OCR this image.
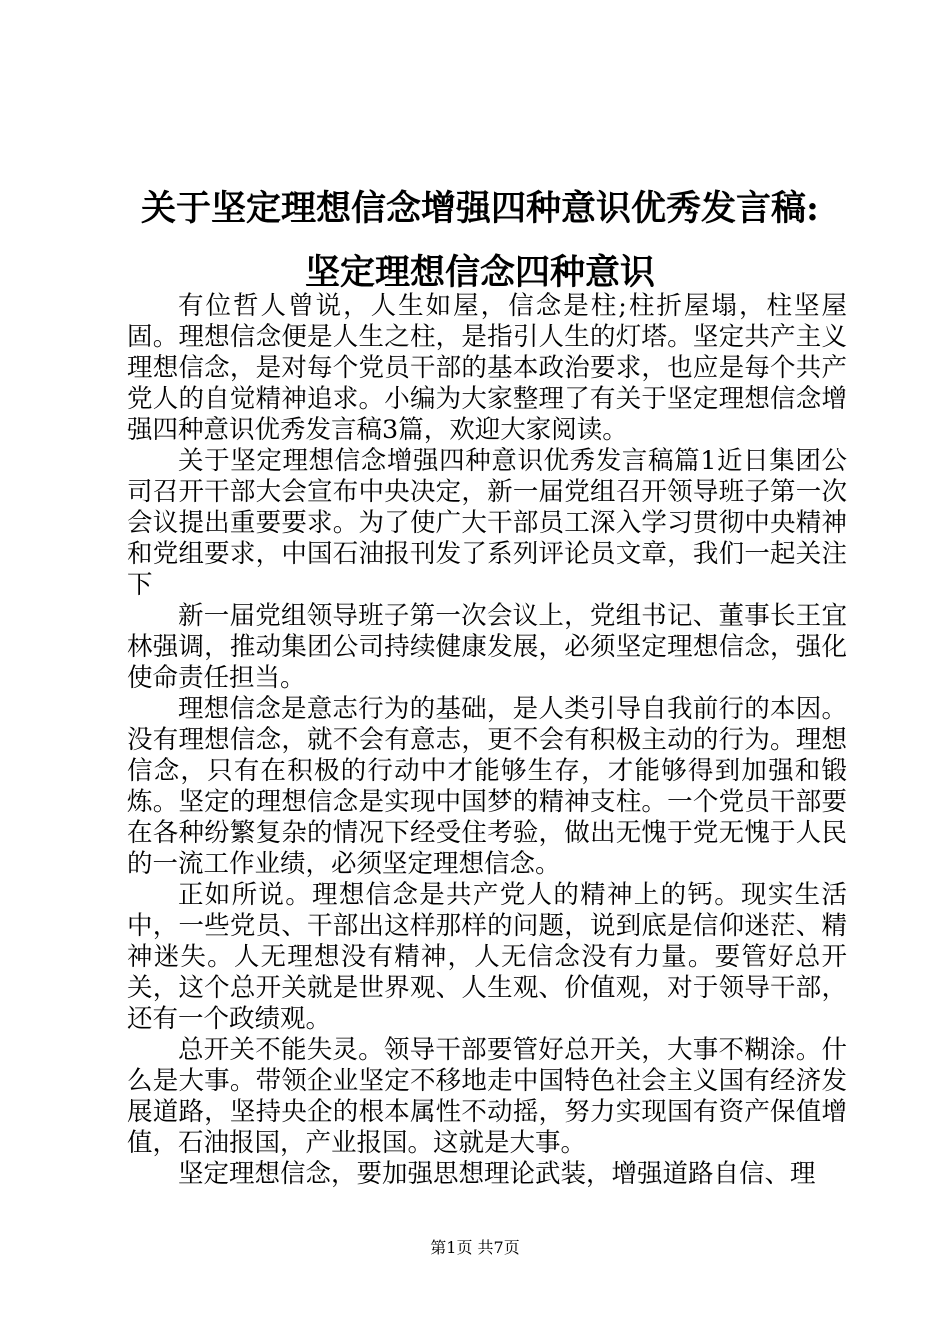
关于坚定理想信念增强四种意识优秀发言稿:
坚定理想信念四种意识

有位哲人曾说，人生如屋，信念是柱;柱折屋塌，柱坚屋固。理想信念便是人生之柱，是指引人生的灯塔。坚定共产主义理想信念，是对每个党员干部的基本政治要求，也应是每个共产党人的自觉精神追求。小编为大家整理了有关于坚定理想信念增强四种意识优秀发言稿3篇，欢迎大家阅读。

关于坚定理想信念增强四种意识优秀发言稿篇1近日集团公司召开干部大会宣布中央决定，新一届党组召开领导班子第一次会议提出重要要求。为了使广大干部员工深入学习贯彻中央精神和党组要求，中国石油报刊发了系列评论员文章，我们一起关注下

新一届党组领导班子第一次会议上，党组书记、董事长王宜林强调，推动集团公司持续健康发展，必须坚定理想信念，强化使命责任担当。

理想信念是意志行为的基础，是人类引导自我前行的本因。没有理想信念，就不会有意志，更不会有积极主动的行为。理想信念，只有在积极的行动中才能够生存，才能够得到加强和锻炼。坚定的理想信念是实现中国梦的精神支柱。一个党员干部要在各种纷繁复杂的情况下经受住考验，做出无愧于党无愧于人民的一流工作业绩，必须坚定理想信念。

正如所说。理想信念是共产党人的精神上的钙。现实生活中，一些党员、干部出这样那样的问题，说到底是信仰迷茫、精神迷失。人无理想没有精神，人无信念没有力量。要管好总开关，这个总开关就是世界观、人生观、价值观，对于领导干部，还有一个政绩观。

总开关不能失灵。领导干部要管好总开关，大事不糊涂。什么是大事。带领企业坚定不移地走中国特色社会主义国有经济发展道路，坚持央企的根本属性不动摇，努力实现国有资产保值增值，石油报国，产业报国。这就是大事。

坚定理想信念，要加强思想理论武装，增强道路自信、理

第1页 共7页
